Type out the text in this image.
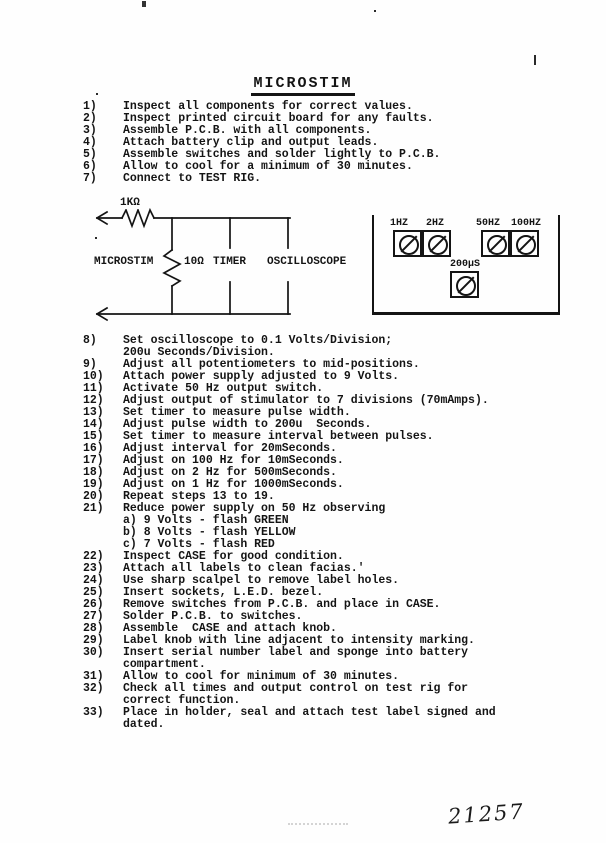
MICROSTIM
1)	Inspect all components for correct values.
2)	Inspect printed circuit board for any faults.
3)	Assemble P.C.B. with all components.
4)	Attach battery clip and output leads.
5)	Assemble switches and solder lightly to P.C.B.
6)	Allow to cool for a minimum of 30 minutes.
7)	Connect to TEST RIG.
1KΩ
MICROSTIM	10Ω TIMER OSCILLOSCOPE
1HZ 2HZ	50HZ 100HZ
200µS
8)	Set oscilloscope to 0.1 Volts/Division;
200u Seconds/Division.
9)	Adjust all potentiometers to mid-positions.
10)	Attach power supply adjusted to 9 Volts.
11)	Activate 50 Hz output switch.
12)	Adjust output of stimulator to 7 divisions (70mAmps).
13)	Set timer to measure pulse width.
14)	Adjust pulse width to 200u  Seconds.
15)	Set timer to measure interval between pulses.
16)	Adjust interval for 20mSeconds.
17)	Adjust on 100 Hz for 10mSeconds.
18)	Adjust on 2 Hz for 500mSeconds.
19)	Adjust on 1 Hz for 1000mSeconds.
20)	Repeat steps 13 to 19.
21)	Reduce power supply on 50 Hz observing
a) 9 Volts - flash GREEN
b) 8 Volts - flash YELLOW
c) 7 Volts - flash RED
22)	Inspect CASE for good condition.
23)	Attach all labels to clean facias.'
24)	Use sharp scalpel to remove label holes.
25)	Insert sockets, L.E.D. bezel.
26)	Remove switches from P.C.B. and place in CASE.
27)	Solder P.C.B. to switches.
28)	Assemble  CASE and attach knob.
29)	Label knob with line adjacent to intensity marking.
30)	Insert serial number label and sponge into battery
compartment.
31)	Allow to cool for minimum of 30 minutes.
32)	Check all times and output control on test rig for
correct function.
33)	Place in holder, seal and attach test label signed and
dated.
21257
